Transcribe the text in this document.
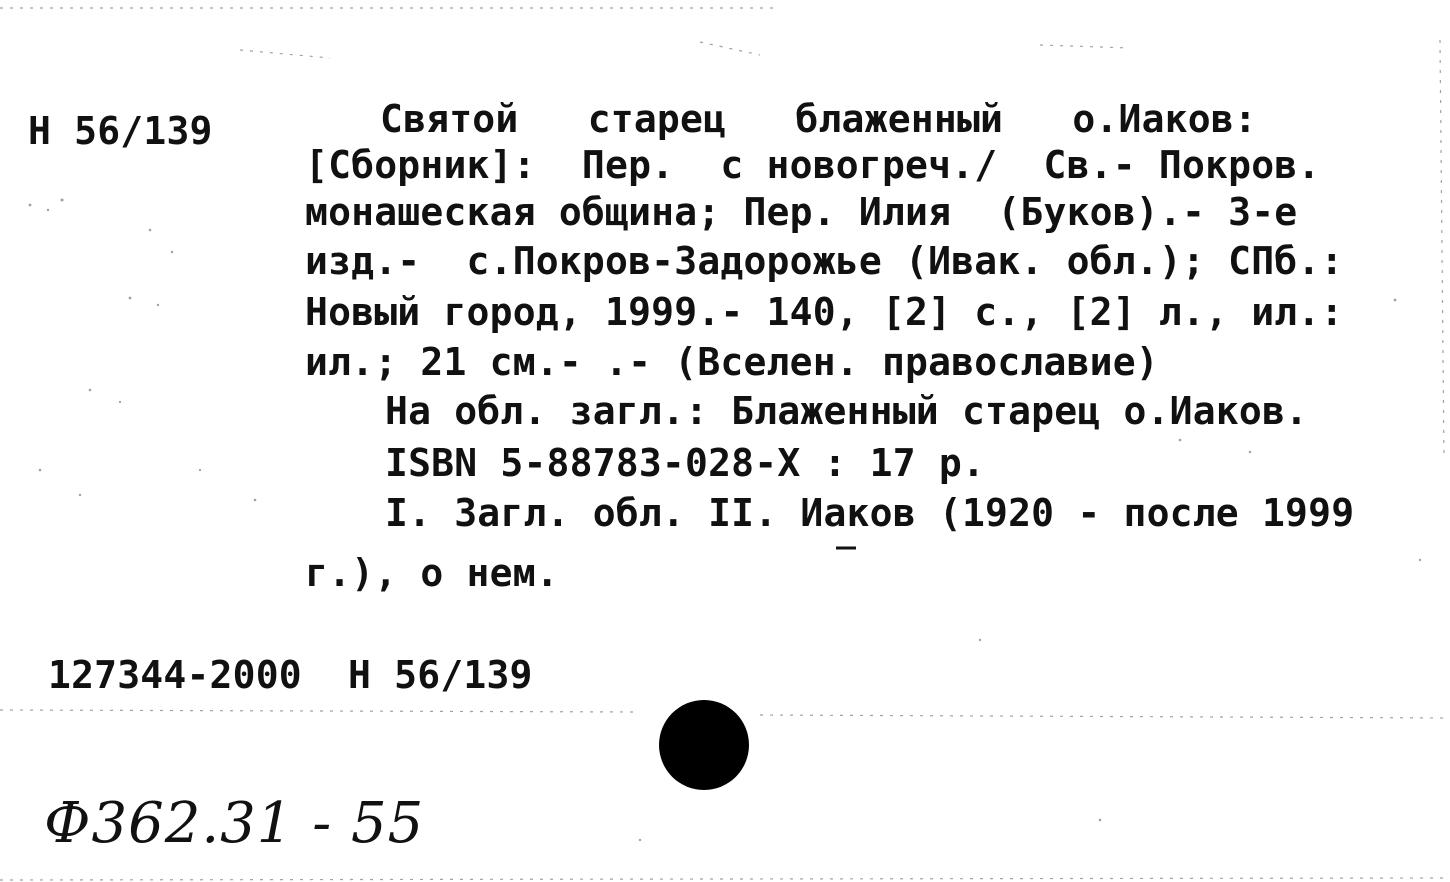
Н 56/139	Святой   старец   блаженный   о.Иаков:
[Сборник]:  Пер.  с новогреч./  Св.- Покров.
монашеская община; Пер. Илия  (Буков).- 3-е
изд.-  с.Покров-Задорожье (Ивак. обл.); СПб.:
Новый город, 1999.- 140, [2] с., [2] л., ил.:
ил.; 21 см.- .- (Вселен. православие)
На обл. загл.: Блаженный старец о.Иаков.
ISBN 5-88783-028-X : 17 р.
I. Загл. обл. II. Иаков (1920 - после 1999
г.), о нем.
127344-2000  Н 56/139
Ф362.31 - 55
